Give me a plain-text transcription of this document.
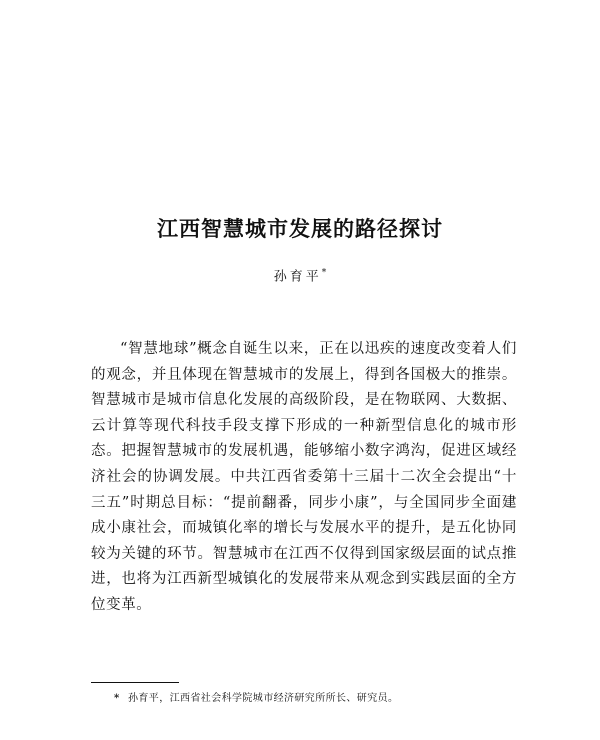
江西智慧城市发展的路径探讨
孙育平*

“智慧地球”概念自诞生以来，正在以迅疾的速度改变着人们的观念，并且体现在智慧城市的发展上，得到各国极大的推崇。智慧城市是城市信息化发展的高级阶段，是在物联网、大数据、云计算等现代科技手段支撑下形成的一种新型信息化的城市形态。把握智慧城市的发展机遇，能够缩小数字鸿沟，促进区域经济社会的协调发展。中共江西省委第十三届十二次全会提出“十三五”时期总目标：“提前翻番，同步小康”，与全国同步全面建成小康社会，而城镇化率的增长与发展水平的提升，是五化协同较为关键的环节。智慧城市在江西不仅得到国家级层面的试点推进，也将为江西新型城镇化的发展带来从观念到实践层面的全方位变革。

* 孙育平，江西省社会科学院城市经济研究所所长、研究员。
